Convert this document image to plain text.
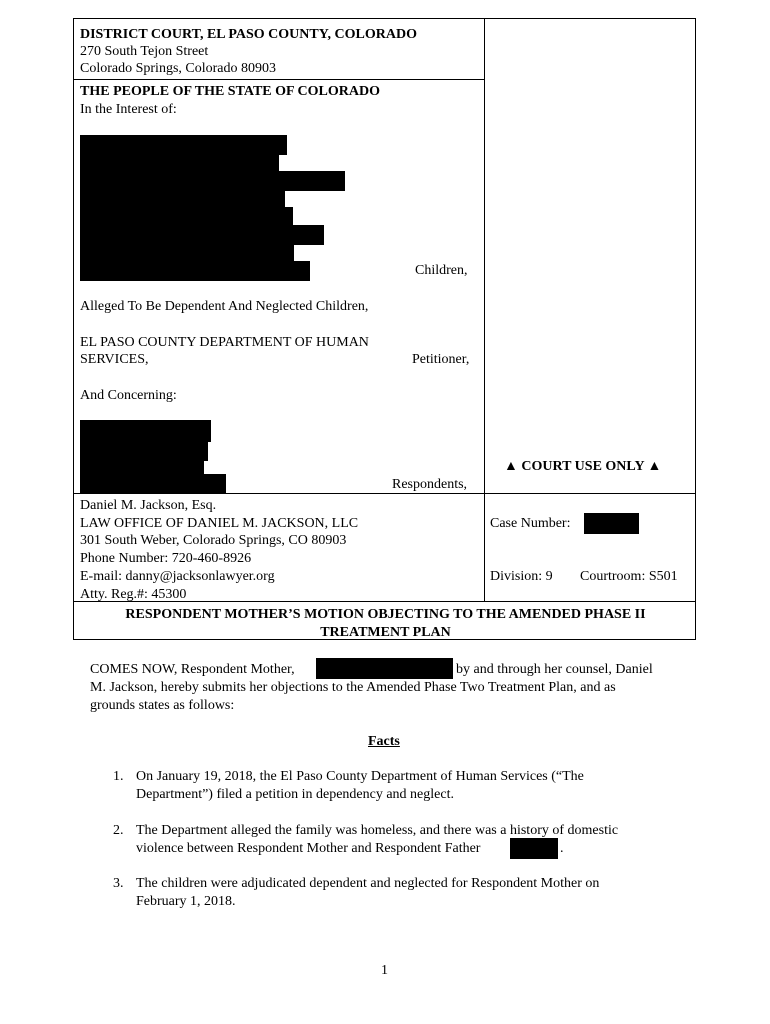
DISTRICT COURT, EL PASO COUNTY, COLORADO
270 South Tejon Street
Colorado Springs, Colorado 80903
THE PEOPLE OF THE STATE OF COLORADO
In the Interest of:
Children,
Alleged To Be Dependent And Neglected Children,
EL PASO COUNTY DEPARTMENT OF HUMAN
SERVICES,	Petitioner,
And Concerning:
Respondents,
▲ COURT USE ONLY ▲
Daniel M. Jackson, Esq.
LAW OFFICE OF DANIEL M. JACKSON, LLC
301 South Weber, Colorado Springs, CO 80903
Phone Number: 720-460-8926
E-mail: danny@jacksonlawyer.org
Atty. Reg.#: 45300
Case Number:
Division: 9 Courtroom: S501
RESPONDENT MOTHER’S MOTION OBJECTING TO THE AMENDED PHASE II
TREATMENT PLAN
COMES NOW, Respondent Mother,	by and through her counsel, Daniel
M. Jackson, hereby submits her objections to the Amended Phase Two Treatment Plan, and as
grounds states as follows:
Facts
1. On January 19, 2018, the El Paso County Department of Human Services (“The
Department”) filed a petition in dependency and neglect.
2. The Department alleged the family was homeless, and there was a history of domestic
violence between Respondent Mother and Respondent Father	.
3. The children were adjudicated dependent and neglected for Respondent Mother on
February 1, 2018.
1
